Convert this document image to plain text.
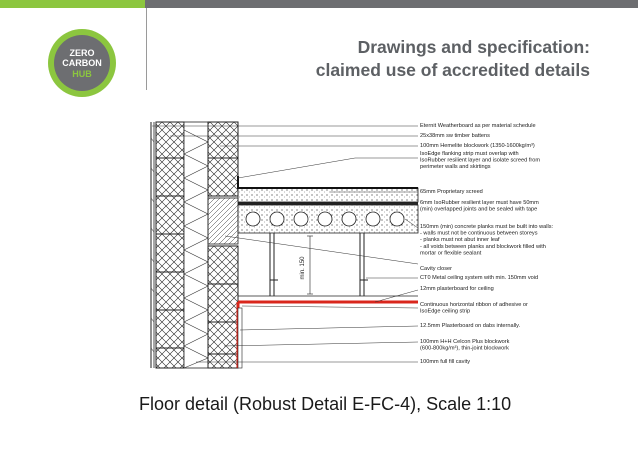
ZERO
CARBON
HUB
Drawings and specification:
claimed use of accredited details
min. 150
Eternit Weatherboard as per material schedule
25x38mm sw timber battens
100mm Hemelite blockwork (1350-1600kg/m³)
IsoEdge flanking strip must overlap with IsoRubber resilient layer and isolate screed from perimeter walls and skirtings
65mm Proprietary screed
6mm IsoRubber resilient layer must have 50mm (min) overlapped joints and be sealed with tape
150mm (min) concrete planks must be built into walls: - walls must not be continuous between storeys - planks must not abut inner leaf - all voids between planks and blockwork filled with mortar or flexible sealant
Cavity closer
CT0 Metal ceiling system with min. 150mm void
12mm plasterboard for ceiling
Continuous horizontal ribbon of adhesive or IsoEdge ceiling strip
12.5mm Plasterboard on dabs internally.
100mm H+H Celcon Plus blockwork (600-800kg/m³), thin-joint blockwork
100mm full fill cavity
Floor detail (Robust Detail E-FC-4), Scale 1:10
